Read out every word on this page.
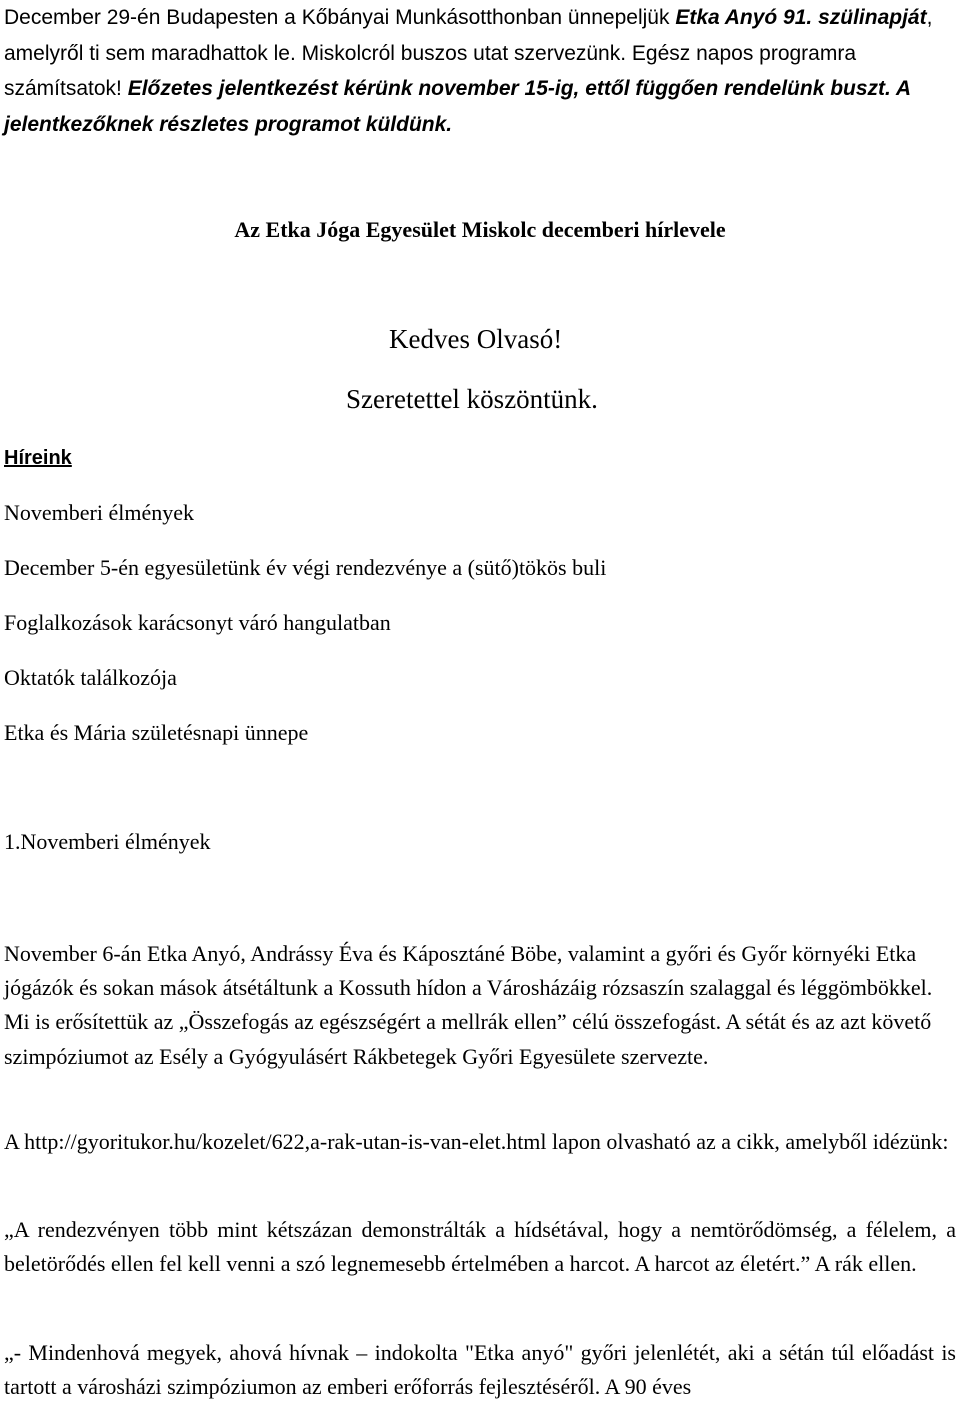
December 29-én Budapesten a Kőbányai Munkásotthonban ünnepeljük Etka Anyó 91. szülinapját, amelyről ti sem maradhattok le. Miskolcról buszos utat szervezünk. Egész napos programra számítsatok! Előzetes jelentkezést kérünk november 15-ig, ettől függően rendelünk buszt. A jelentkezőknek részletes programot küldünk.

Az Etka Jóga Egyesület Miskolc decemberi hírlevele

Kedves Olvasó!

Szeretettel köszöntünk.

Híreink

Novemberi élmények

December 5-én egyesületünk év végi rendezvénye a (sütő)tökös buli

Foglalkozások karácsonyt váró hangulatban

Oktatók találkozója

Etka és Mária születésnapi ünnepe

1.Novemberi élmények

November 6-án Etka Anyó, Andrássy Éva és Káposztáné Böbe, valamint a győri és Győr környéki Etka jógázók és sokan mások átsétáltunk a Kossuth hídon a Városházáig rózsaszín szalaggal és léggömbökkel. Mi is erősítettük az „Összefogás az egészségért a mellrák ellen” célú összefogást. A sétát és az azt követő szimpóziumot az Esély a Gyógyulásért Rákbetegek Győri Egyesülete szervezte.

A http://gyoritukor.hu/kozelet/622,a-rak-utan-is-van-elet.html lapon olvasható az a cikk, amelyből idézünk:

„A rendezvényen több mint kétszázan demonstrálták a hídsétával, hogy a nemtörődömség, a félelem, a beletörődés ellen fel kell venni a szó legnemesebb értelmében a harcot. A harcot az életért.” A rák ellen.

„- Mindenhová megyek, ahová hívnak – indokolta "Etka anyó" győri jelenlétét, aki a sétán túl előadást is tartott a városházi szimpóziumon az emberi erőforrás fejlesztéséről. A 90 éves
